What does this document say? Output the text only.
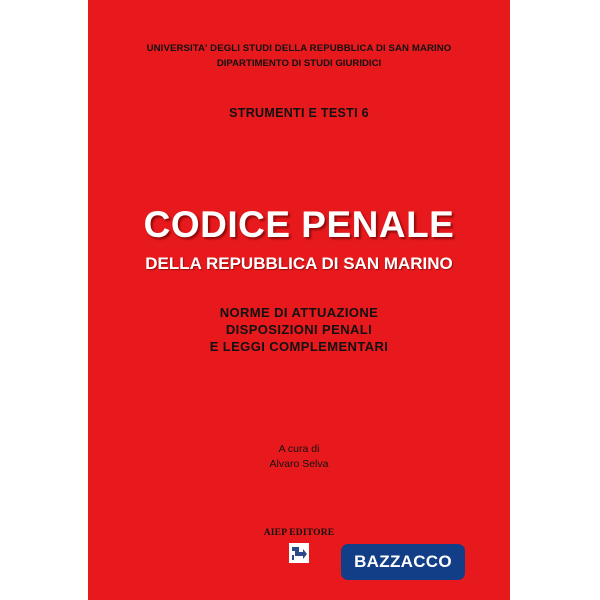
UNIVERSITA' DEGLI STUDI DELLA REPUBBLICA DI SAN MARINO
DIPARTIMENTO DI STUDI GIURIDICI
STRUMENTI E TESTI 6
CODICE PENALE
DELLA REPUBBLICA DI SAN MARINO
NORME DI ATTUAZIONE
DISPOSIZIONI PENALI
E LEGGI COMPLEMENTARI
A cura di
Alvaro Selva
AIEP EDITORE
BAZZACCO
